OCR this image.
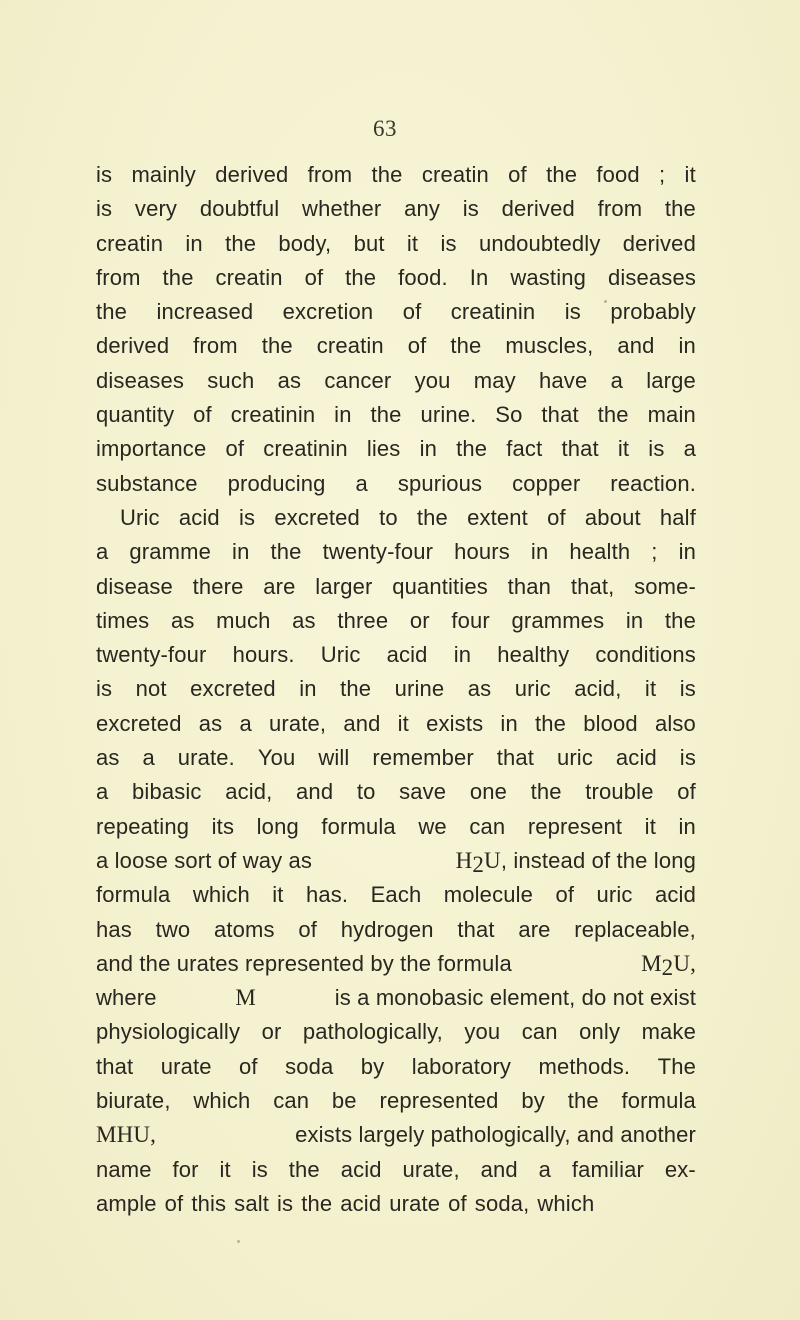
63
is mainly derived from the creatin of the food ; it
is very doubtful whether any is derived from the
creatin in the body, but it is undoubtedly derived
from the creatin of the food. In wasting diseases
the increased excretion of creatinin is probably
derived from the creatin of the muscles, and in
diseases such as cancer you may have a large
quantity of creatinin in the urine. So that the main
importance of creatinin lies in the fact that it is a
substance producing a spurious copper reaction.
Uric acid is excreted to the extent of about half
a gramme in the twenty-four hours in health ; in
disease there are larger quantities than that, some-
times as much as three or four grammes in the
twenty-four hours. Uric acid in healthy conditions
is not excreted in the urine as uric acid, it is
excreted as a urate, and it exists in the blood also
as a urate. You will remember that uric acid is
a bibasic acid, and to save one the trouble of
repeating its long formula we can represent it in
a loose sort of way as	$H_2U$, instead of the long
formula which it has. Each molecule of uric acid
has two atoms of hydrogen that are replaceable,
and the urates represented by the formula	$M_2U$,
where	M	is a monobasic element, do not exist
physiologically or pathologically, you can only make
that urate of soda by laboratory methods. The
biurate, which can be represented by the formula
MHU,	exists largely pathologically, and another
name for it is the acid urate, and a familiar ex-
ample of this salt is the acid urate of soda, which
